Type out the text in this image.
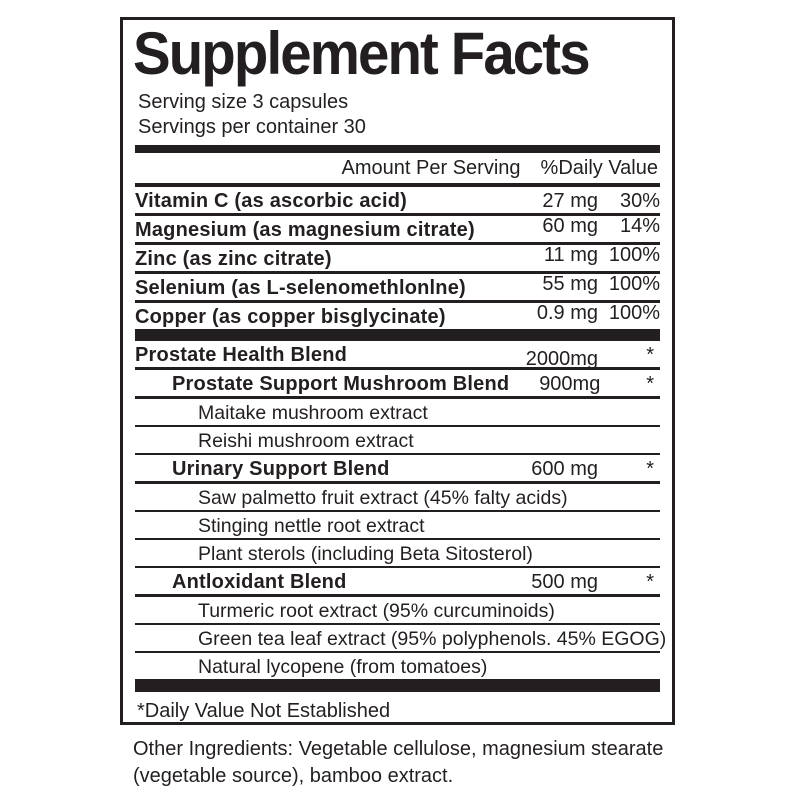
Supplement Facts
Serving size 3 capsules
Servings per container 30
Amount Per Serving %Daily Value
Vitamin C (as ascorbic acid)	27 mg	30%
Magnesium (as magnesium citrate)	60 mg	14%
Zinc (as zinc citrate)	11 mg 100%
Selenium (as L-selenomethlonlne)	55 mg 100%
Copper (as copper bisglycinate)	0.9 mg 100%
Prostate Health Blend	2000mg	*
Prostate Support Mushroom Blend	900mg	*
Maitake mushroom extract
Reishi mushroom extract
Urinary Support Blend	600 mg	*
Saw palmetto fruit extract (45% falty acids)
Stinging nettle root extract
Plant sterols (including Beta Sitosterol)
Antloxidant Blend	500 mg	*
Turmeric root extract (95% curcuminoids)
Green tea leaf extract (95% polyphenols. 45% EGOG)
Natural lycopene (from tomatoes)
*Daily Value Not Established
Other Ingredients: Vegetable cellulose, magnesium stearate
(vegetable source), bamboo extract.
